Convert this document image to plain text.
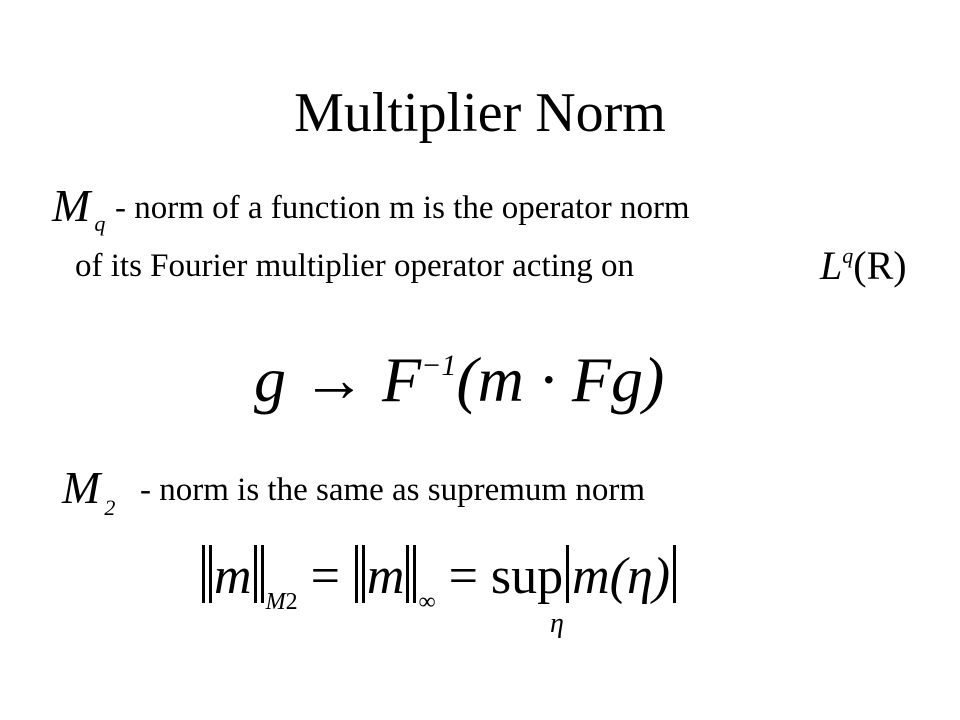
Multiplier Norm
M $_q$ - norm of a function m is the operator norm
of its Fourier multiplier operator acting on	$L^q(R)$
$g \to F^{-1}(m \cdot Fg)$
M $_2$ - norm is the same as supremum norm
m $_{M2}$ = m $_\infty$ = sup m(η)
η
